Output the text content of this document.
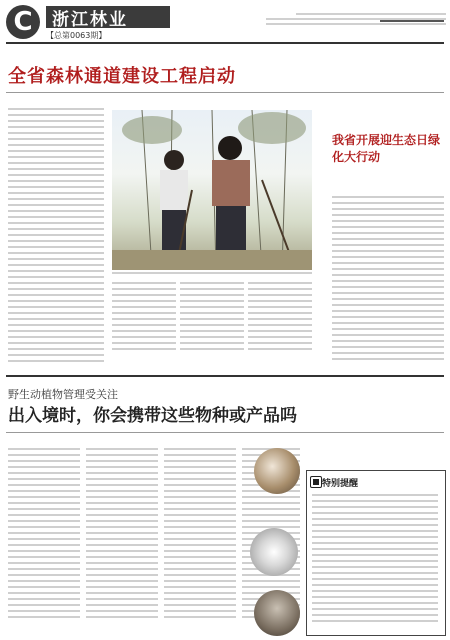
C	浙江林业
【总第0063期】
全省森林通道建设工程启动
我省开展迎生态日绿化大行动
野生动植物管理受关注
出入境时，你会携带这些物种或产品吗
特别提醒
